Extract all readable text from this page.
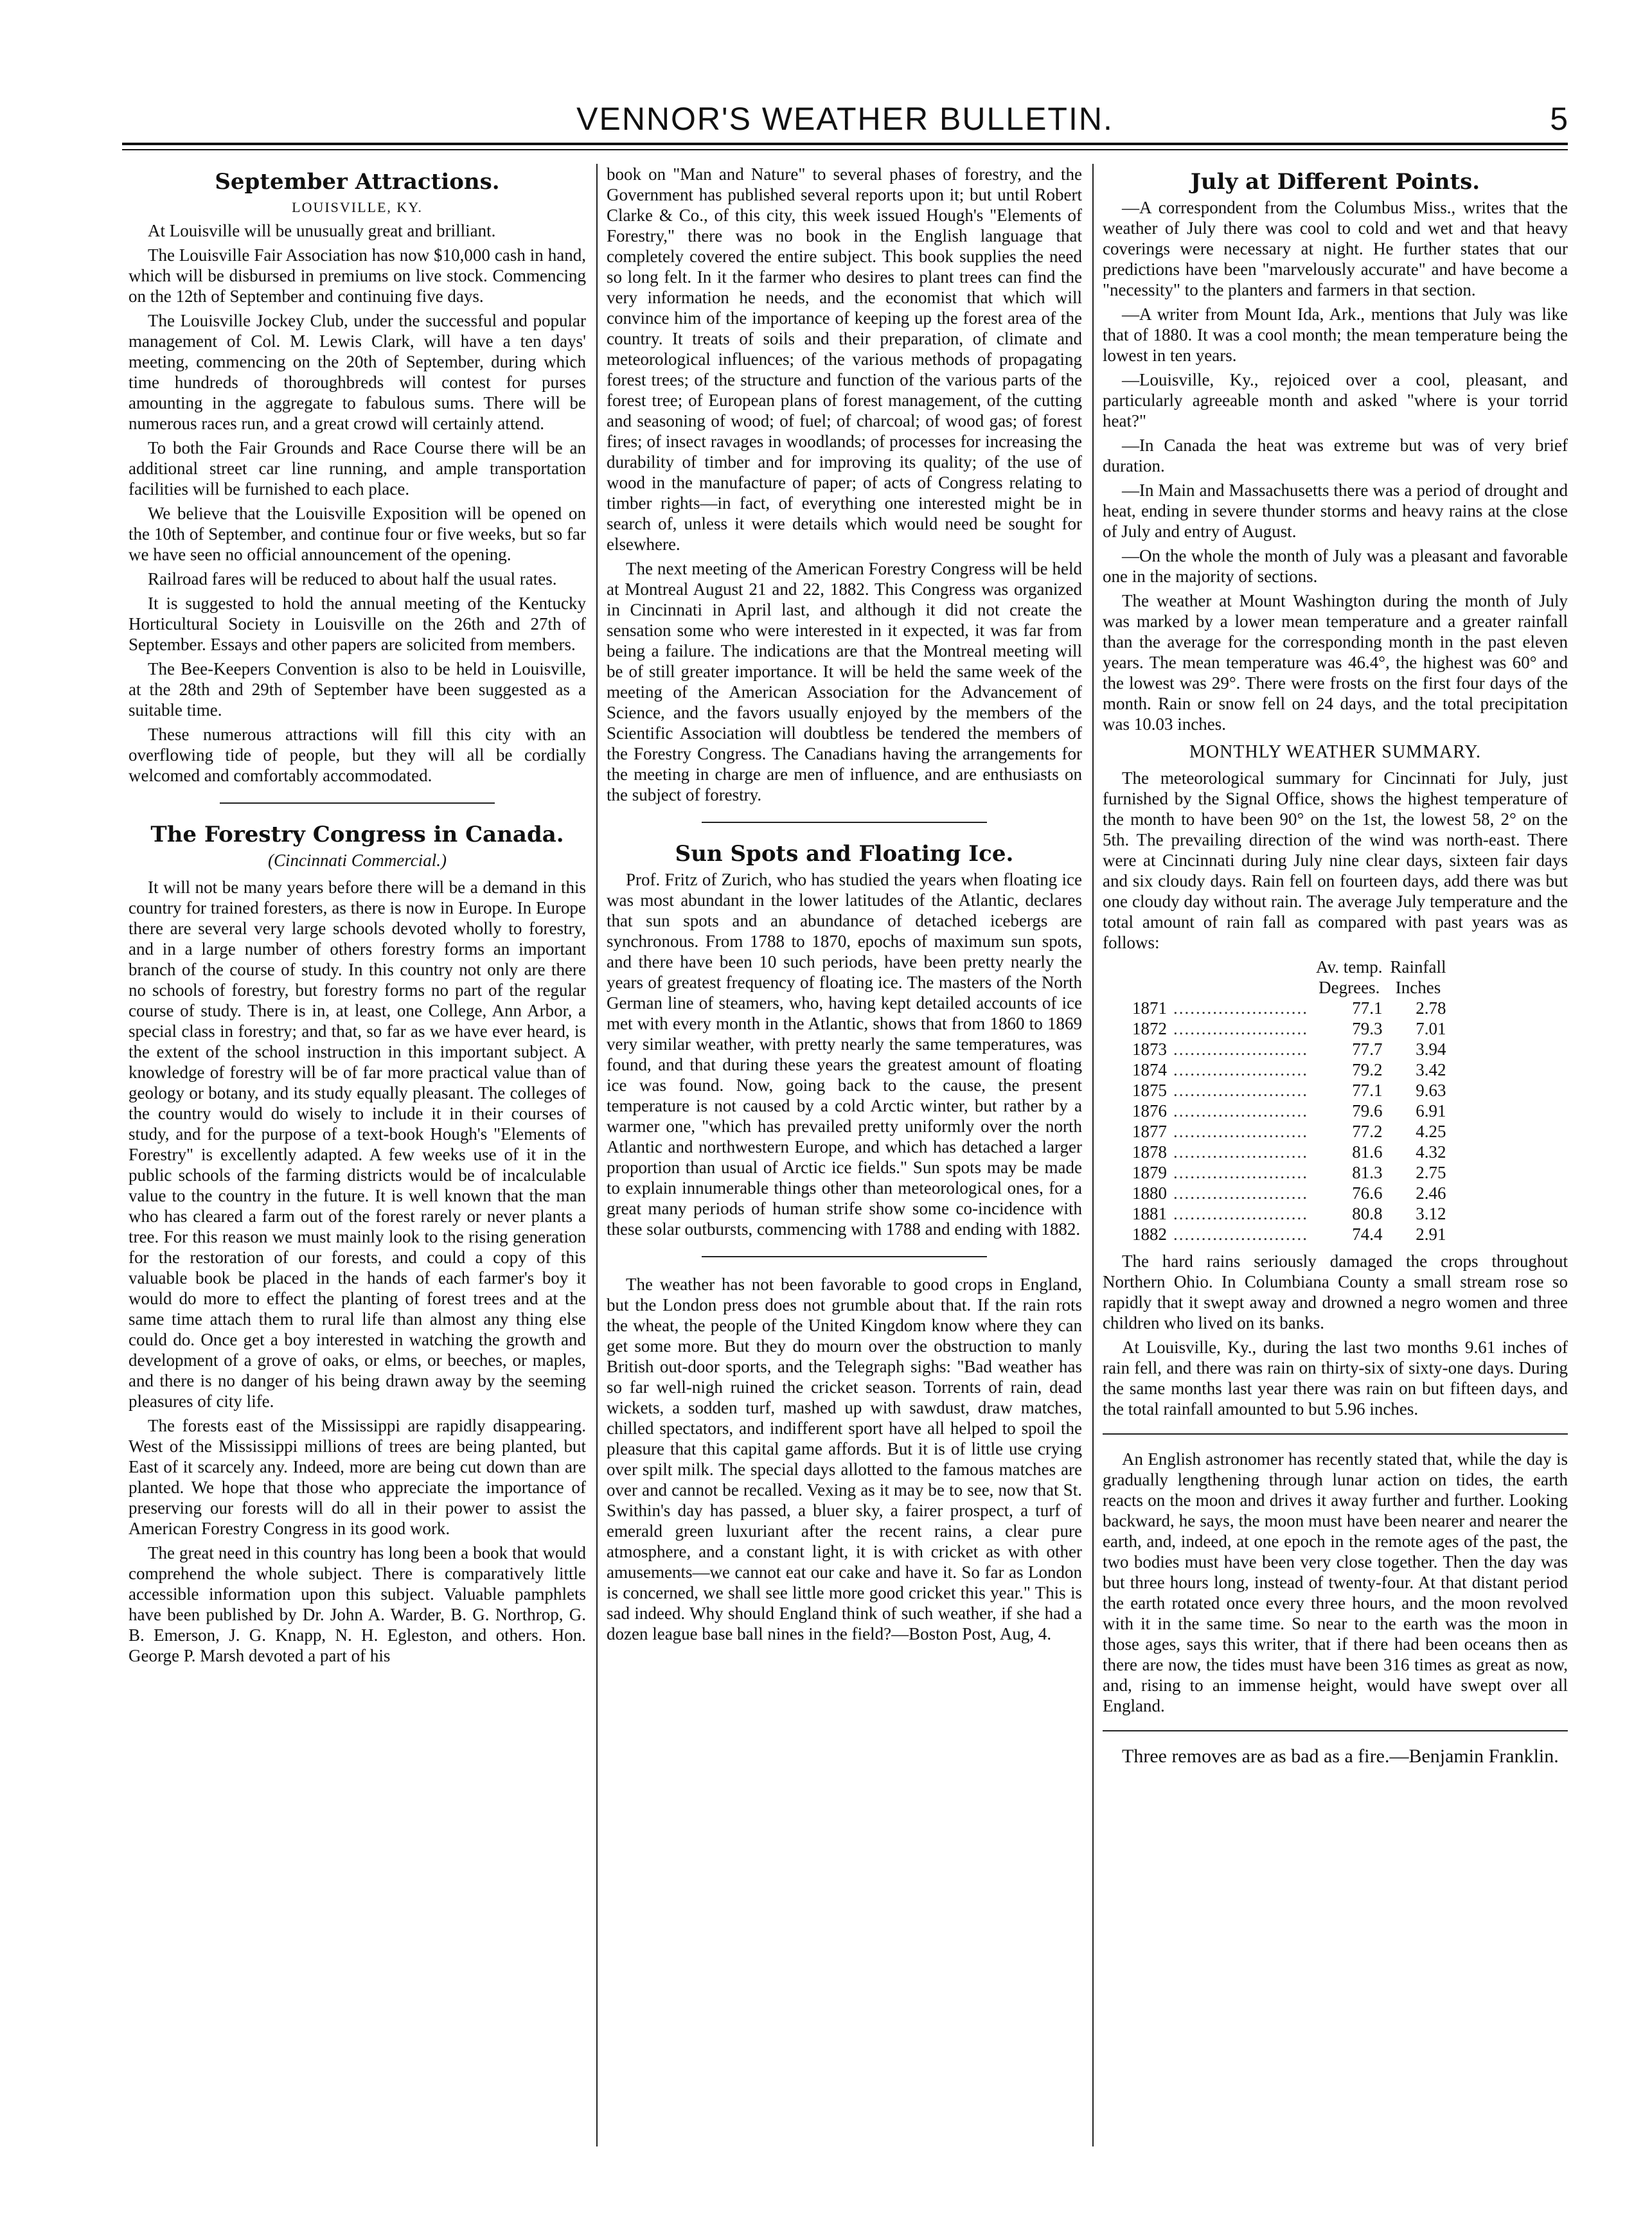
VENNOR'S WEATHER BULLETIN.	5
September Attractions.
LOUISVILLE, KY.

At Louisville will be unusually great and brilliant.

The Louisville Fair Association has now $10,000 cash in hand, which will be disbursed in premiums on live stock. Commencing on the 12th of September and continuing five days.

The Louisville Jockey Club, under the successful and popular management of Col. M. Lewis Clark, will have a ten days' meeting, commencing on the 20th of September, during which time hundreds of thoroughbreds will contest for purses amounting in the aggregate to fabulous sums. There will be numerous races run, and a great crowd will certainly attend.

To both the Fair Grounds and Race Course there will be an additional street car line running, and ample transportation facilities will be furnished to each place.

We believe that the Louisville Exposition will be opened on the 10th of September, and continue four or five weeks, but so far we have seen no official announcement of the opening.

Railroad fares will be reduced to about half the usual rates.

It is suggested to hold the annual meeting of the Kentucky Horticultural Society in Louisville on the 26th and 27th of September. Essays and other papers are solicited from members.

The Bee-Keepers Convention is also to be held in Louisville, at the 28th and 29th of September have been suggested as a suitable time.

These numerous attractions will fill this city with an overflowing tide of people, but they will all be cordially welcomed and comfortably accommodated.

The Forestry Congress in Canada.
(Cincinnati Commercial.)

It will not be many years before there will be a demand in this country for trained foresters, as there is now in Europe. In Europe there are several very large schools devoted wholly to forestry, and in a large number of others forestry forms an important branch of the course of study. In this country not only are there no schools of forestry, but forestry forms no part of the regular course of study. There is in, at least, one College, Ann Arbor, a special class in forestry; and that, so far as we have ever heard, is the extent of the school instruction in this important subject. A knowledge of forestry will be of far more practical value than of geology or botany, and its study equally pleasant. The colleges of the country would do wisely to include it in their courses of study, and for the purpose of a text-book Hough's "Elements of Forestry" is excellently adapted. A few weeks use of it in the public schools of the farming districts would be of incalculable value to the country in the future. It is well known that the man who has cleared a farm out of the forest rarely or never plants a tree. For this reason we must mainly look to the rising generation for the restoration of our forests, and could a copy of this valuable book be placed in the hands of each farmer's boy it would do more to effect the planting of forest trees and at the same time attach them to rural life than almost any thing else could do. Once get a boy interested in watching the growth and development of a grove of oaks, or elms, or beeches, or maples, and there is no danger of his being drawn away by the seeming pleasures of city life.

The forests east of the Mississippi are rapidly disappearing. West of the Mississippi millions of trees are being planted, but East of it scarcely any. Indeed, more are being cut down than are planted. We hope that those who appreciate the importance of preserving our forests will do all in their power to assist the American Forestry Congress in its good work.

The great need in this country has long been a book that would comprehend the whole subject. There is comparatively little accessible information upon this subject. Valuable pamphlets have been published by Dr. John A. Warder, B. G. Northrop, G. B. Emerson, J. G. Knapp, N. H. Egleston, and others. Hon. George P. Marsh devoted a part of his

book on "Man and Nature" to several phases of forestry, and the Government has published several reports upon it; but until Robert Clarke & Co., of this city, this week issued Hough's "Elements of Forestry," there was no book in the English language that completely covered the entire subject. This book supplies the need so long felt. In it the farmer who desires to plant trees can find the very information he needs, and the economist that which will convince him of the importance of keeping up the forest area of the country. It treats of soils and their preparation, of climate and meteorological influences; of the various methods of propagating forest trees; of the structure and function of the various parts of the forest tree; of European plans of forest management, of the cutting and seasoning of wood; of fuel; of charcoal; of wood gas; of forest fires; of insect ravages in woodlands; of processes for increasing the durability of timber and for improving its quality; of the use of wood in the manufacture of paper; of acts of Congress relating to timber rights—in fact, of everything one interested might be in search of, unless it were details which would need be sought for elsewhere.

The next meeting of the American Forestry Congress will be held at Montreal August 21 and 22, 1882. This Congress was organized in Cincinnati in April last, and although it did not create the sensation some who were interested in it expected, it was far from being a failure. The indications are that the Montreal meeting will be of still greater importance. It will be held the same week of the meeting of the American Association for the Advancement of Science, and the favors usually enjoyed by the members of the Scientific Association will doubtless be tendered the members of the Forestry Congress. The Canadians having the arrangements for the meeting in charge are men of influence, and are enthusiasts on the subject of forestry.

Sun Spots and Floating Ice.

Prof. Fritz of Zurich, who has studied the years when floating ice was most abundant in the lower latitudes of the Atlantic, declares that sun spots and an abundance of detached icebergs are synchronous. From 1788 to 1870, epochs of maximum sun spots, and there have been 10 such periods, have been pretty nearly the years of greatest frequency of floating ice. The masters of the North German line of steamers, who, having kept detailed accounts of ice met with every month in the Atlantic, shows that from 1860 to 1869 very similar weather, with pretty nearly the same temperatures, was found, and that during these years the greatest amount of floating ice was found. Now, going back to the cause, the present temperature is not caused by a cold Arctic winter, but rather by a warmer one, "which has prevailed pretty uniformly over the north Atlantic and northwestern Europe, and which has detached a larger proportion than usual of Arctic ice fields." Sun spots may be made to explain innumerable things other than meteorological ones, for a great many periods of human strife show some co-incidence with these solar outbursts, commencing with 1788 and ending with 1882.

The weather has not been favorable to good crops in England, but the London press does not grumble about that. If the rain rots the wheat, the people of the United Kingdom know where they can get some more. But they do mourn over the obstruction to manly British out-door sports, and the Telegraph sighs: "Bad weather has so far well-nigh ruined the cricket season. Torrents of rain, dead wickets, a sodden turf, mashed up with sawdust, draw matches, chilled spectators, and indifferent sport have all helped to spoil the pleasure that this capital game affords. But it is of little use crying over spilt milk. The special days allotted to the famous matches are over and cannot be recalled. Vexing as it may be to see, now that St. Swithin's day has passed, a bluer sky, a fairer prospect, a turf of emerald green luxuriant after the recent rains, a clear pure atmosphere, and a constant light, it is with cricket as with other amusements—we cannot eat our cake and have it. So far as London is concerned, we shall see little more good cricket this year." This is sad indeed. Why should England think of such weather, if she had a dozen league base ball nines in the field?—Boston Post, Aug, 4.

July at Different Points.

—A correspondent from the Columbus Miss., writes that the weather of July there was cool to cold and wet and that heavy coverings were necessary at night. He further states that our predictions have been "marvelously accurate" and have become a "necessity" to the planters and farmers in that section.

—A writer from Mount Ida, Ark., mentions that July was like that of 1880. It was a cool month; the mean temperature being the lowest in ten years.

—Louisville, Ky., rejoiced over a cool, pleasant, and particularly agreeable month and asked "where is your torrid heat?"

—In Canada the heat was extreme but was of very brief duration.

—In Main and Massachusetts there was a period of drought and heat, ending in severe thunder storms and heavy rains at the close of July and entry of August.

—On the whole the month of July was a pleasant and favorable one in the majority of sections.

The weather at Mount Washington during the month of July was marked by a lower mean temperature and a greater rainfall than the average for the corresponding month in the past eleven years. The mean temperature was 46.4°, the highest was 60° and the lowest was 29°. There were frosts on the first four days of the month. Rain or snow fell on 24 days, and the total precipitation was 10.03 inches.

MONTHLY WEATHER SUMMARY.

The meteorological summary for Cincinnati for July, just furnished by the Signal Office, shows the highest temperature of the month to have been 90° on the 1st, the lowest 58, 2° on the 5th. The prevailing direction of the wind was north-east. There were at Cincinnati during July nine clear days, sixteen fair days and six cloudy days. Rain fell on fourteen days, add there was but one cloudy day without rain. The average July temperature and the total amount of rain fall as compared with past years was as follows:

		Av. temp.	Rainfall
		Degrees.	Inches
1871	........................	77.1	2.78
1872	........................	79.3	7.01
1873	........................	77.7	3.94
1874	........................	79.2	3.42
1875	........................	77.1	9.63
1876	........................	79.6	6.91
1877	........................	77.2	4.25
1878	........................	81.6	4.32
1879	........................	81.3	2.75
1880	........................	76.6	2.46
1881	........................	80.8	3.12
1882	........................	74.4	2.91

The hard rains seriously damaged the crops throughout Northern Ohio. In Columbiana County a small stream rose so rapidly that it swept away and drowned a negro women and three children who lived on its banks.

At Louisville, Ky., during the last two months 9.61 inches of rain fell, and there was rain on thirty-six of sixty-one days. During the same months last year there was rain on but fifteen days, and the total rainfall amounted to but 5.96 inches.

An English astronomer has recently stated that, while the day is gradually lengthening through lunar action on tides, the earth reacts on the moon and drives it away further and further. Looking backward, he says, the moon must have been nearer and nearer the earth, and, indeed, at one epoch in the remote ages of the past, the two bodies must have been very close together. Then the day was but three hours long, instead of twenty-four. At that distant period the earth rotated once every three hours, and the moon revolved with it in the same time. So near to the earth was the moon in those ages, says this writer, that if there had been oceans then as there are now, the tides must have been 316 times as great as now, and, rising to an immense height, would have swept over all England.

Three removes are as bad as a fire.—Benjamin Franklin.
